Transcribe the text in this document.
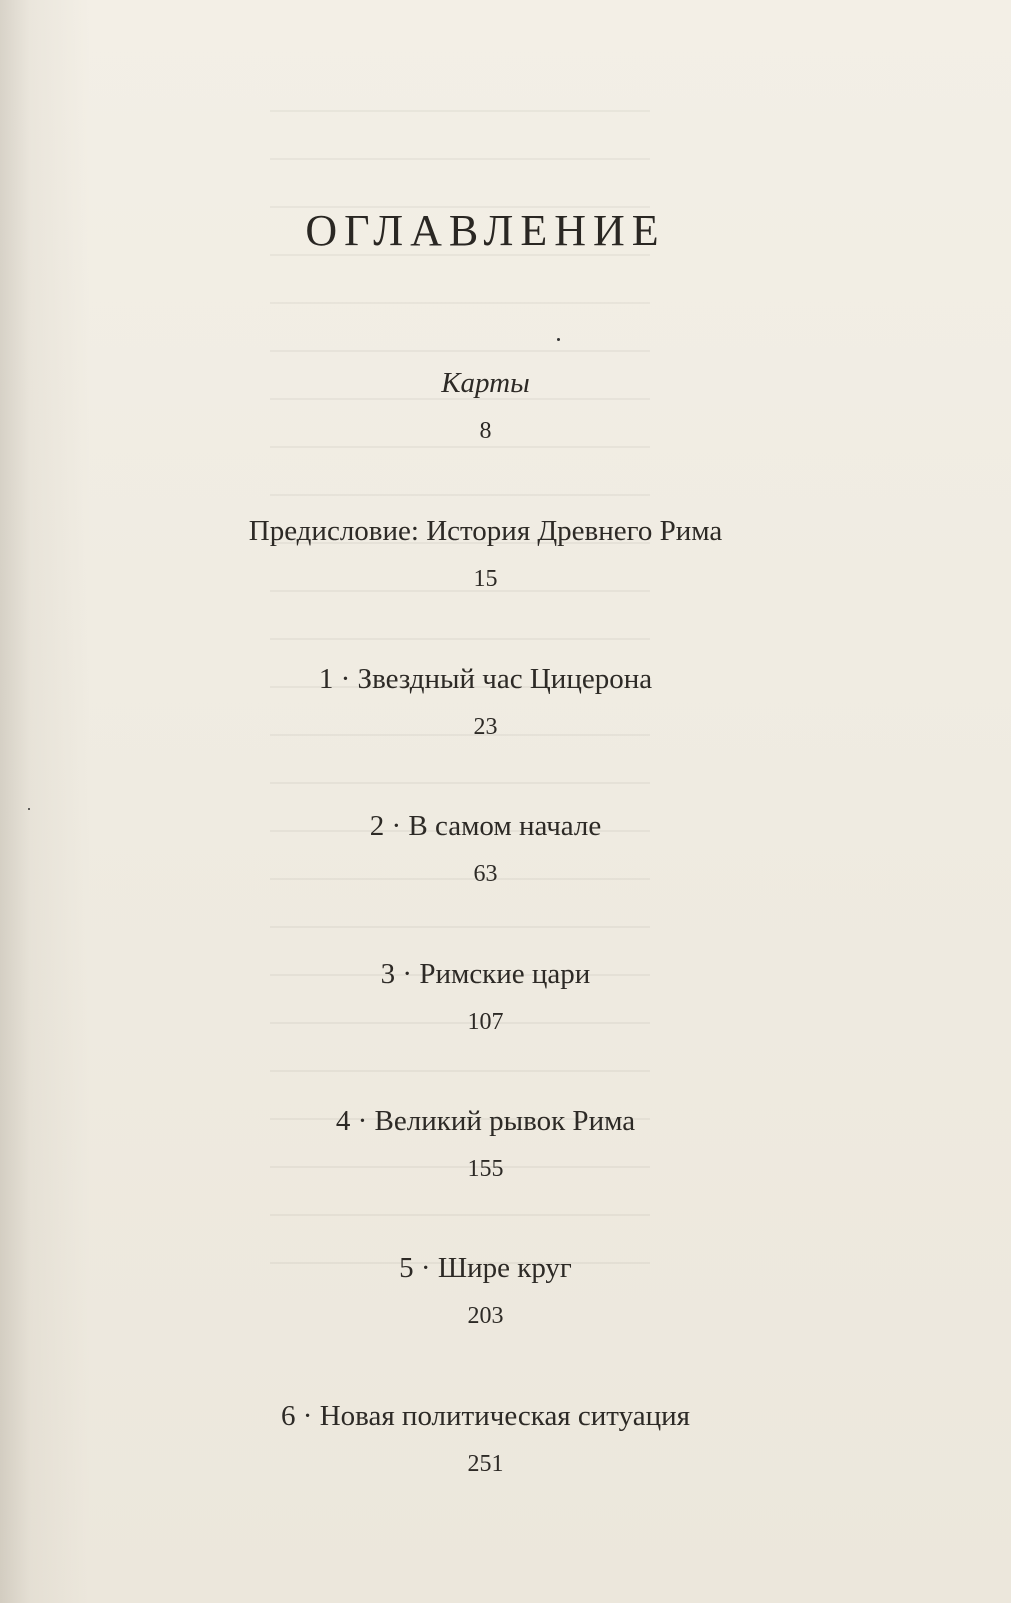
ОГЛАВЛЕНИЕ
Карты
8
Предисловие: История Древнего Рима
15
1 · Звездный час Цицерона
23
2 · В самом начале
63
3 · Римские цари
107
4 · Великий рывок Рима
155
5 · Шире круг
203
6 · Новая политическая ситуация
251
